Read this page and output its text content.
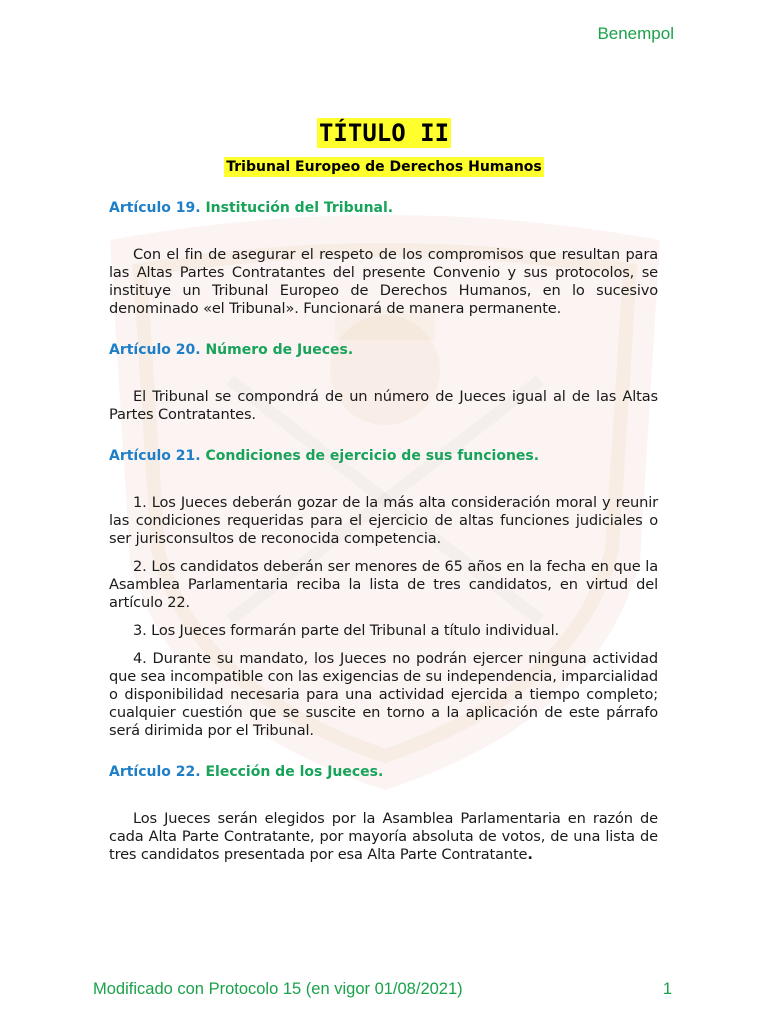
Benempol
TÍTULO II
Tribunal Europeo de Derechos Humanos

Artículo 19. Institución del Tribunal.

Con el fin de asegurar el respeto de los compromisos que resultan para las Altas Partes Contratantes del presente Convenio y sus protocolos, se instituye un Tribunal Europeo de Derechos Humanos, en lo sucesivo denominado «el Tribunal». Funcionará de manera permanente.

Artículo 20. Número de Jueces.

El Tribunal se compondrá de un número de Jueces igual al de las Altas Partes Contratantes.

Artículo 21. Condiciones de ejercicio de sus funciones.

1. Los Jueces deberán gozar de la más alta consideración moral y reunir las condiciones requeridas para el ejercicio de altas funciones judiciales o ser jurisconsultos de reconocida competencia.

2. Los candidatos deberán ser menores de 65 años en la fecha en que la Asamblea Parlamentaria reciba la lista de tres candidatos, en virtud del artículo 22.

3. Los Jueces formarán parte del Tribunal a título individual.

4. Durante su mandato, los Jueces no podrán ejercer ninguna actividad que sea incompatible con las exigencias de su independencia, imparcialidad o disponibilidad necesaria para una actividad ejercida a tiempo completo; cualquier cuestión que se suscite en torno a la aplicación de este párrafo será dirimida por el Tribunal.

Artículo 22. Elección de los Jueces.

Los Jueces serán elegidos por la Asamblea Parlamentaria en razón de cada Alta Parte Contratante, por mayoría absoluta de votos, de una lista de tres candidatos presentada por esa Alta Parte Contratante.

Modificado con Protocolo 15 (en vigor 01/08/2021)	1
